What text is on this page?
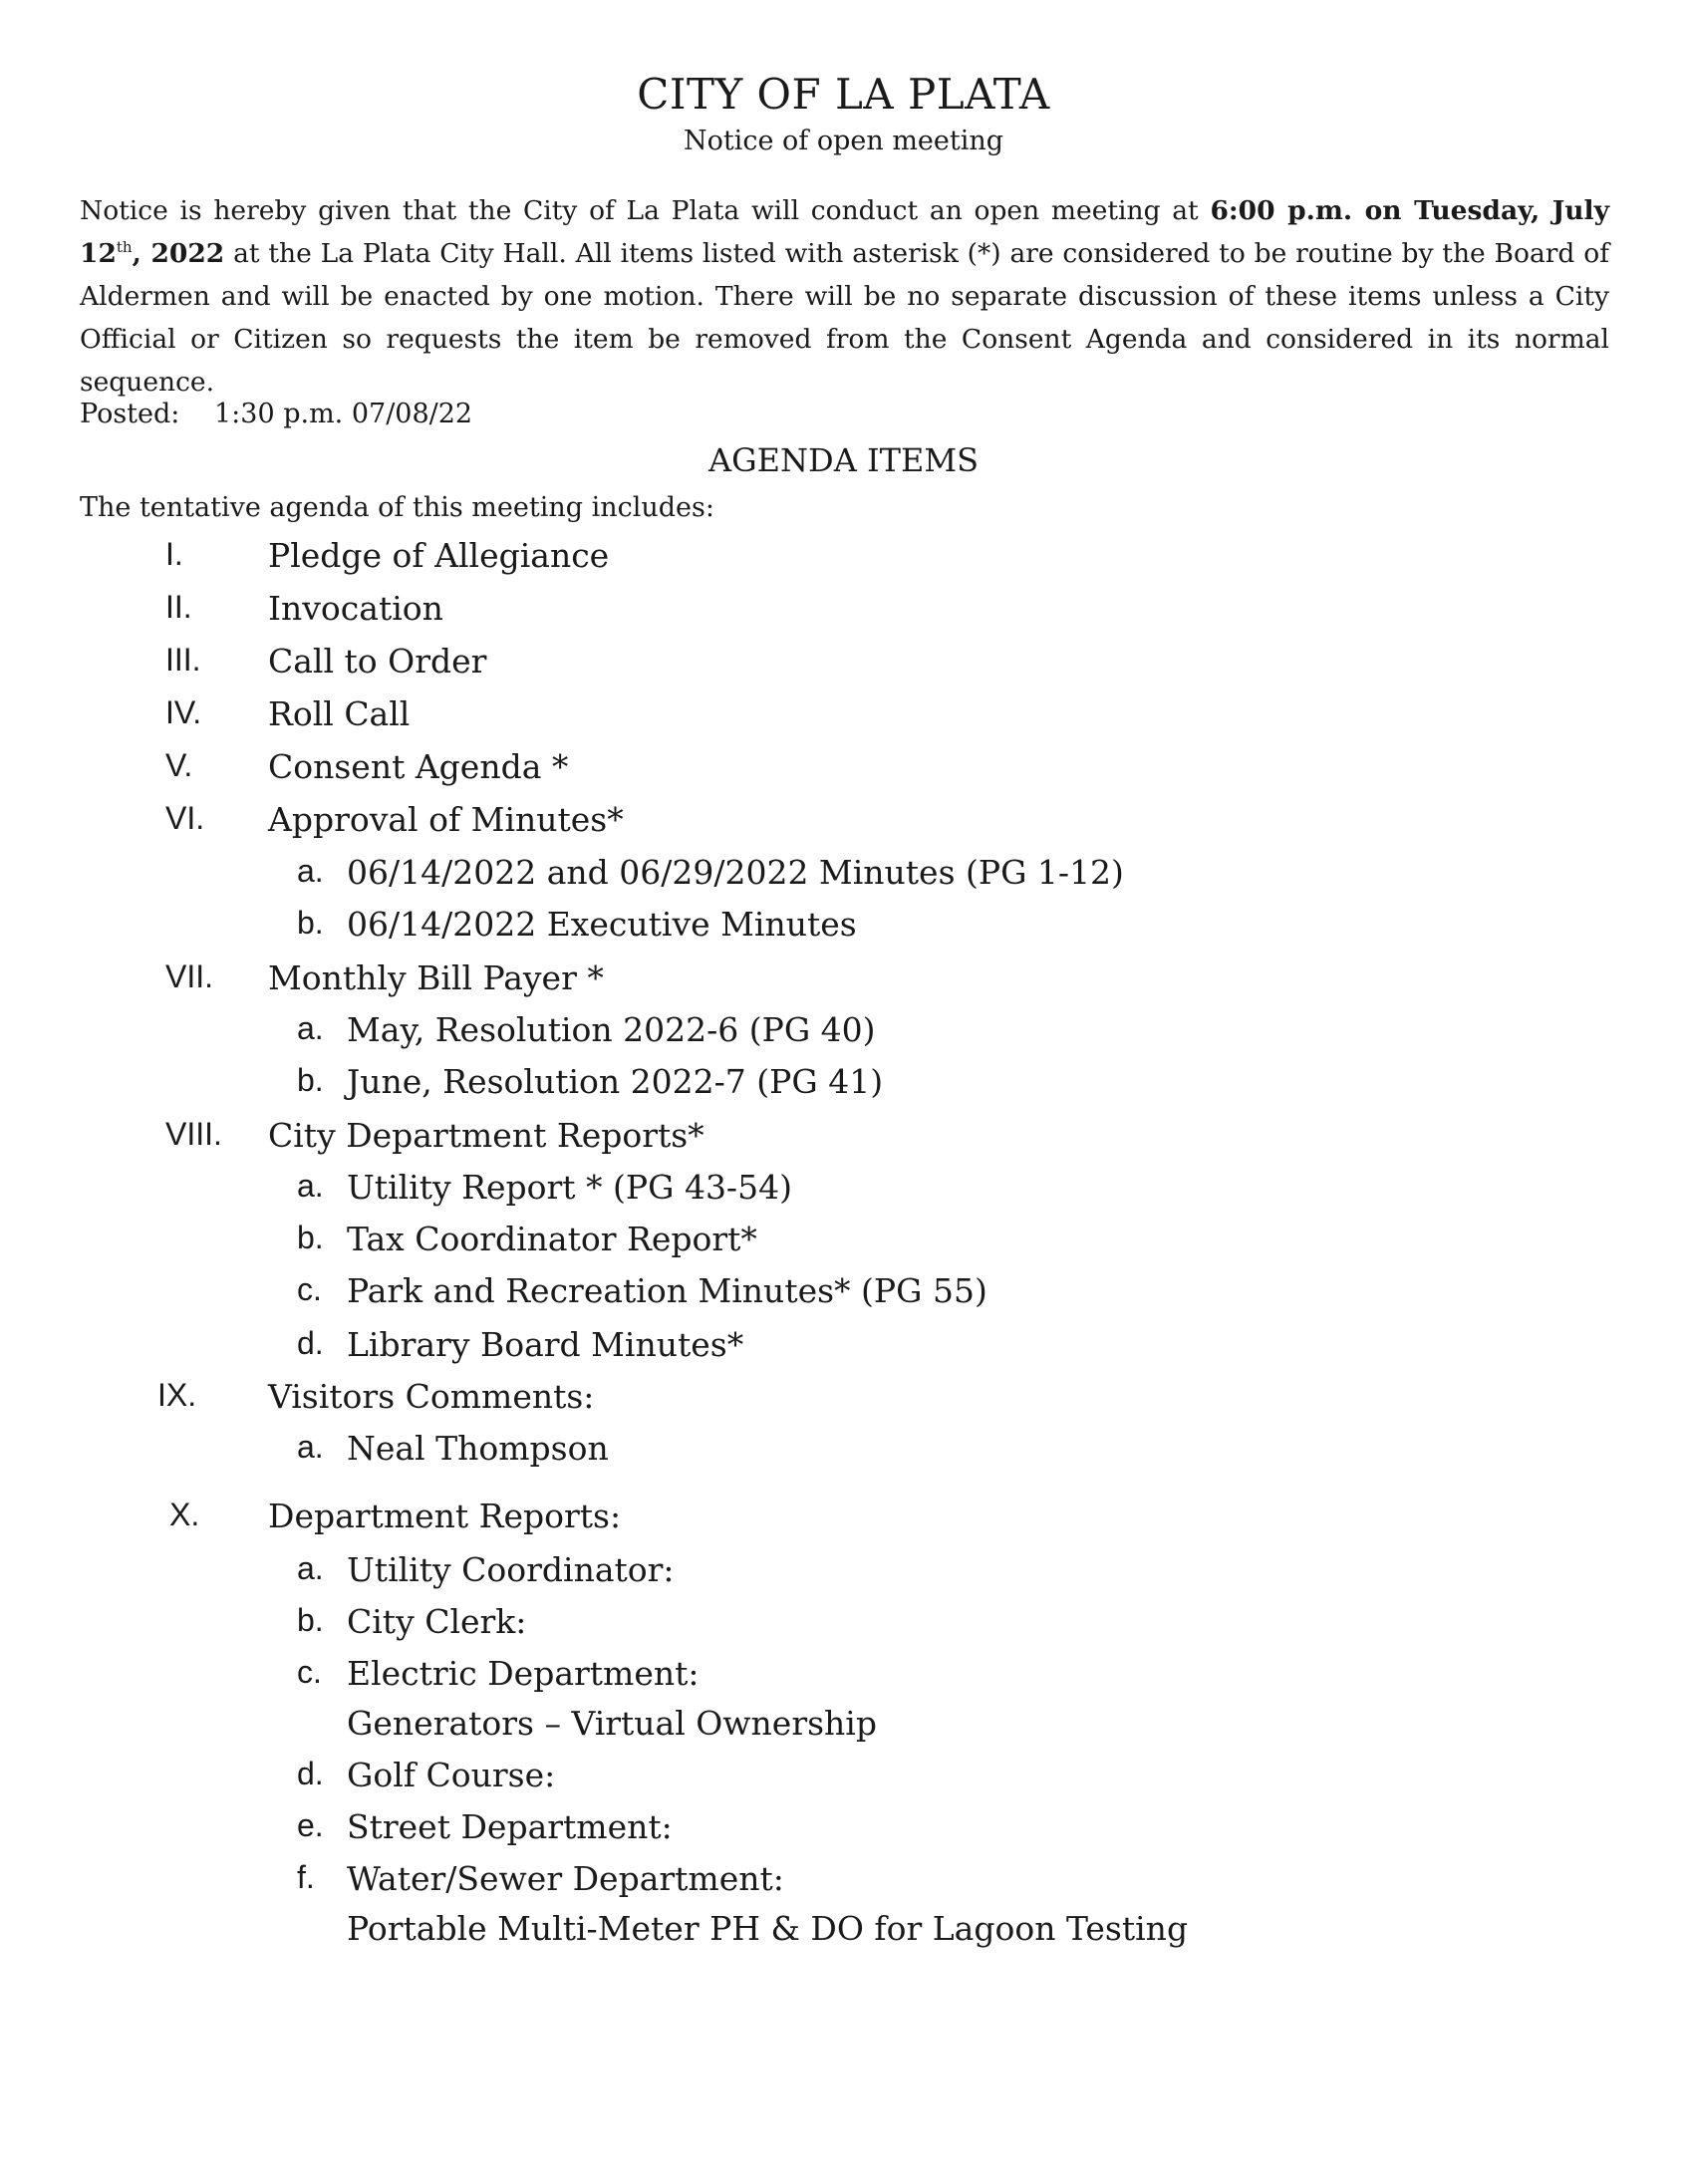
CITY OF LA PLATA
Notice of open meeting
Notice is hereby given that the City of La Plata will conduct an open meeting at 6:00 p.m. on Tuesday, July 12th, 2022 at the La Plata City Hall. All items listed with asterisk (*) are considered to be routine by the Board of Aldermen and will be enacted by one motion. There will be no separate discussion of these items unless a City Official or Citizen so requests the item be removed from the Consent Agenda and considered in its normal sequence.
Posted: 1:30 p.m. 07/08/22
AGENDA ITEMS
The tentative agenda of this meeting includes:
I.	Pledge of Allegiance
II. Invocation
III. Call to Order
IV. Roll Call
V. Consent Agenda *
VI. Approval of Minutes*
a. 06/14/2022 and 06/29/2022 Minutes (PG 1-12)
b. 06/14/2022 Executive Minutes
VII. Monthly Bill Payer *
a. May, Resolution 2022-6 (PG 40)
b. June, Resolution 2022-7 (PG 41)
VIII. City Department Reports*
a. Utility Report * (PG 43-54)
b. Tax Coordinator Report*
c. Park and Recreation Minutes* (PG 55)
d. Library Board Minutes*
IX. Visitors Comments:
a. Neal Thompson
X. Department Reports:
a. Utility Coordinator:
b. City Clerk:
c. Electric Department:
Generators – Virtual Ownership
d. Golf Course:
e. Street Department:
f. Water/Sewer Department:
Portable Multi-Meter PH & DO for Lagoon Testing
